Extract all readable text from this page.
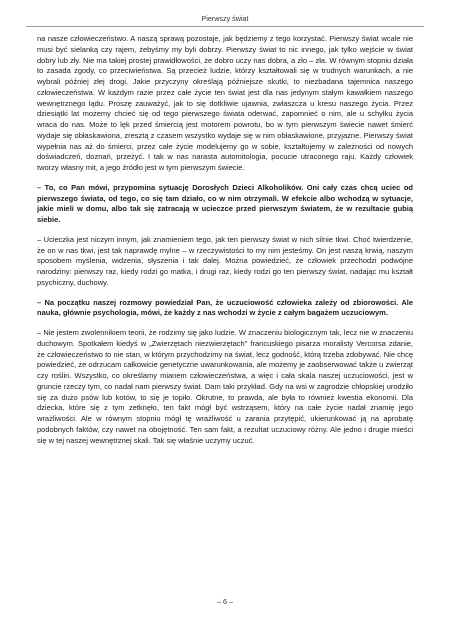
Pierwszy świat

na nasze człowieczeństwo. A naszą sprawą pozostaje, jak będziemy z tego korzystać. Pierwszy świat wcale nie musi być sielanką czy rajem, żebyśmy my byli dobrzy. Pierwszy świat to nic innego, jak tylko wejście w świat dobry lub zły. Nie ma takiej prostej prawidłowości, że dobro uczy nas dobra, a zło – zła. W równym stopniu działa to zasada zgody, co przeciwieństwa. Są przecież ludzie, którzy kształtowali się w trudnych warunkach, a nie wybrali później złej drogi. Jakie przyczyny określają późniejsze skutki, to niezbadana tajemnica naszego człowieczeństwa. W każdym razie przez całe życie ten świat jest dla nas jedynym stałym kawałkiem naszego wewnętrznego lądu. Proszę zauważyć, jak to się dotkliwie ujawnia, zwłaszcza u kresu naszego życia. Przez dziesiątki lat możemy chcieć się od tego pierwszego świata oderwać, zapomnieć o nim, ale u schyłku życia wraca do nas. Może to lęk przed śmiercią jest motorem powrotu, bo w tym pierwszym świecie nawet śmierć wydaje się obłaskawiona, zresztą z czasem wszystko wydaje się w nim obłaskawione, przyjazne. Pierwszy świat wypełnia nas aż do śmierci, przez całe życie modelujemy go w sobie, kształtujemy w zależności od nowych doświadczeń, doznań, przeżyć. I tak w nas narasta automitologia, pocucie utraconego raju. Każdy człowiek tworzy własny mit, a jego źródło jest w tym pierwszym świecie.

– To, co Pan mówi, przypomina sytuację Dorosłych Dzieci Alkoholików. Oni cały czas chcą uciec od pierwszego świata, od tego, co się tam działo, co w nim otrzymali. W efekcie albo wchodzą w sytuacje, jakie mieli w domu, albo tak się zatracają w ucieczce przed pierwszym światem, że w rezultacie gubią siebie.

– Ucieczka jest niczym innym, jak znamieniem tego, jak ten pierwszy świat w nich silnie tkwi. Choć twierdzenie, że on w nas tkwi, jest tak naprawdę mylne – w rzeczywistości to my nim jesteśmy. On jest naszą krwią, naszym sposobem myślenia, widzenia, słyszenia i tak dalej. Można powiedzieć, że człowiek przechodzi podwójne narodziny: pierwszy raz, kiedy rodzi go matka, i drugi raz, kiedy rodzi go ten pierwszy świat, nadając mu kształt psychiczny, duchowy.

– Na początku naszej rozmowy powiedział Pan, że uczuciowość człowieka zależy od zbiorowości. Ale nauka, głównie psychologia, mówi, że każdy z nas wchodzi w życie z całym bagażem uczuciowym.

– Nie jestem zwolennikiem teorii, że rodzimy się jako ludzie. W znaczeniu biologicznym tak, lecz nie w znaczeniu duchowym. Spotkałem kiedyś w „Zwierzętach niezwierzętach" francuskiego pisarza moralisty Vercorsa zdanie, że człowieczeństwo to nie stan, w którym przychodzimy na świat, lecz godność, którą trzeba zdobywać. Nie chcę powiedzieć, że odrzucam całkowicie genetyczne uwarunkowania, ale możemy je zaobserwować także u zwierząt czy roślin. Wszystko, co określamy mianem człowieczeństwa, a więc i cała skala naszej uczuciowości, jest w gruncie rzeczy tym, co nadał nam pierwszy świat. Dam taki przykład. Gdy na wsi w zagrodzie chłopskiej urodziło się za dużo psów lub kotów, to się je topiło. Okrutne, to prawda, ale była to również kwestia ekonomii. Dla dziecka, które się z tym zetknęło, ten fakt mógł być wstrząsem, który na całe życie nadał znamię jego wrażliwości. Ale w równym stopniu mógł tę wrażliwość u zarania przytępić, ukierunkować ją na aprobatę podobnych faktów, czy nawet na obojętność. Ten sam fakt, a rezultat uczuciowy różny. Ale jedno i drugie mieści się w tej naszej wewnętrznej skali. Tak się właśnie uczymy uczuć.

– 6 –
